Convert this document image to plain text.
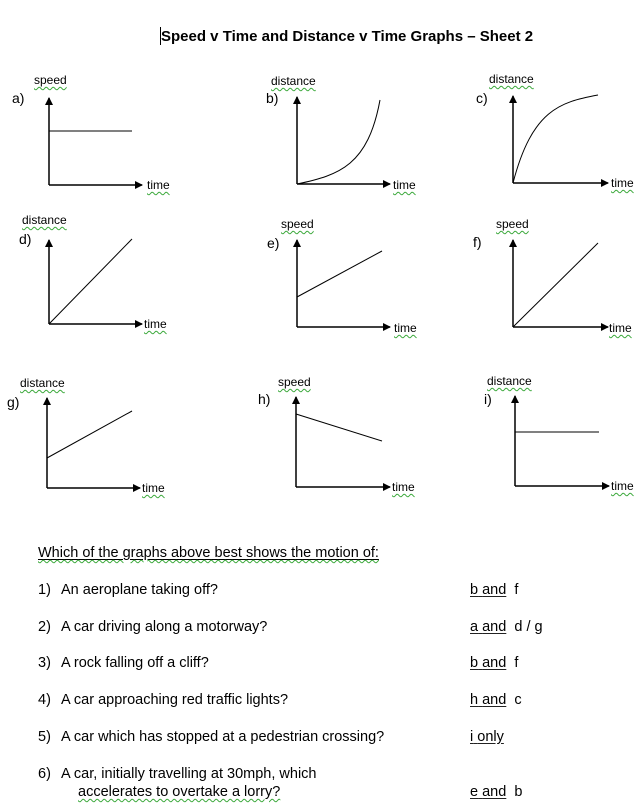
Speed v Time and Distance v Time Graphs – Sheet 2
speed
a)
time
distance
b)
time
distance
c)
time
distance
d)
time
speed
e)
time
speed
f)
time
distance
g)
time
speed
h)
time
distance
i)
time
Which of the graphs above best shows the motion of:
1) An aeroplane taking off?	b and f
2) A car driving along a motorway?	a and d / g
3) A rock falling off a cliff?	b and f
4) A car approaching red traffic lights?	h and c
5) A car which has stopped at a pedestrian crossing?	i only
6) A car, initially travelling at 30mph, which
accelerates to overtake a lorry?	e and b
